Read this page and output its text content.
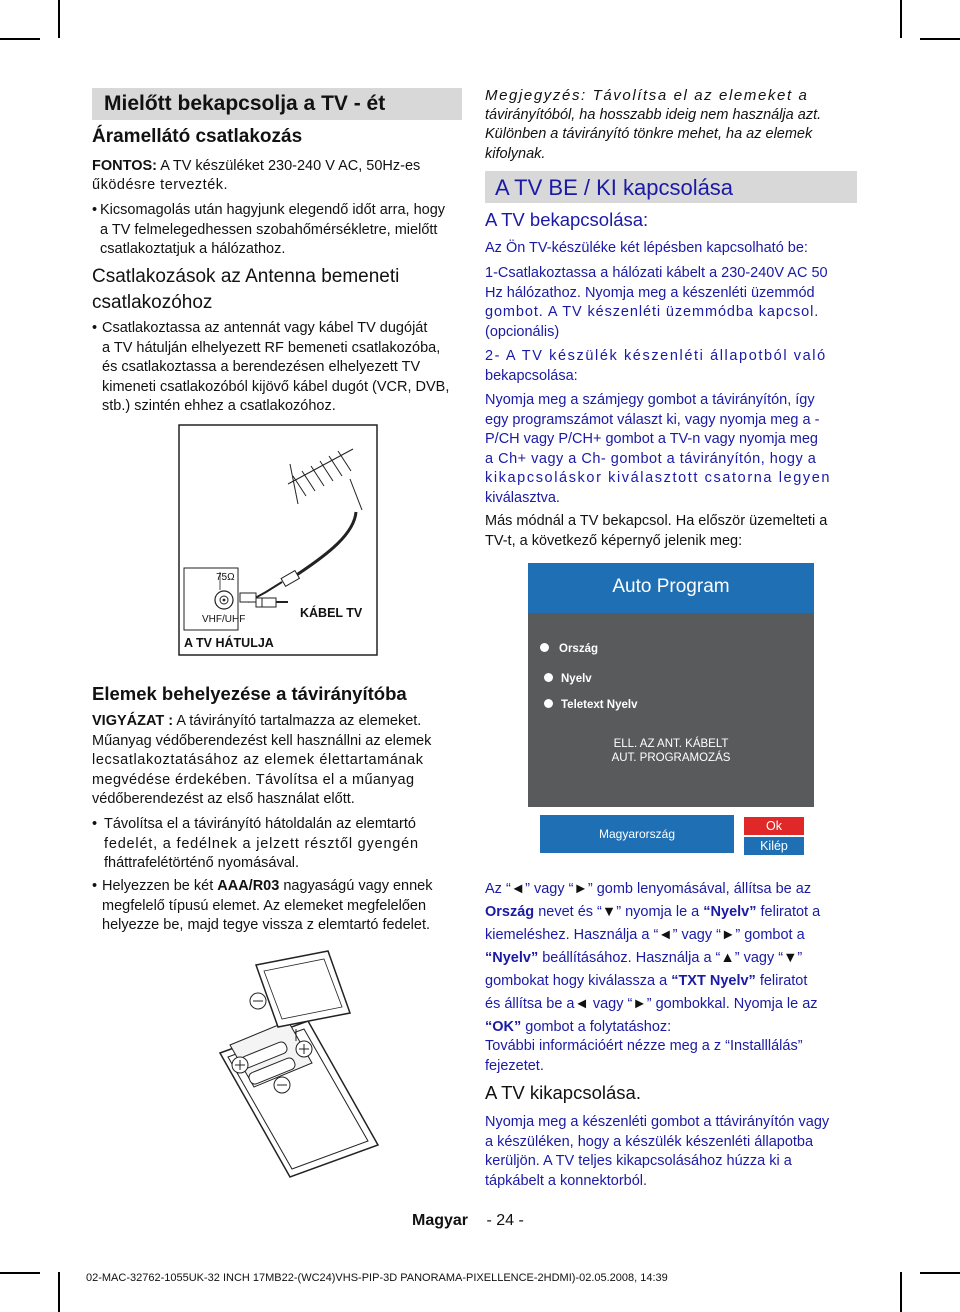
Mielőtt bekapcsolja a TV - ét
Áramellátó csatlakozás
FONTOS: A TV készüléket 230-240 V AC, 50Hz-es
űködésre tervezték.
• Kicsomagolás után hagyjunk elegendő időt arra, hogy
a TV felmelegedhessen szobahőmérsékletre, mielőtt
csatlakoztatjuk a hálózathoz.
Csatlakozások az Antenna bemeneti
csatlakozóhoz
• Csatlakoztassa az antennát vagy kábel TV dugóját
a TV hátulján elhelyezett RF bemeneti csatlakozóba,
és csatlakoztassa a berendezésen elhelyezett TV
kimeneti csatlakozóból kijövő kábel dugót (VCR, DVB,
stb.) szintén ehhez a csatlakozóhoz.
75Ω
VHF/UHF
A TV HÁTULJA
KÁBEL TV
Elemek behelyezése a távirányítóba
VIGYÁZAT : A távirányító tartalmazza az elemeket.
Műanyag védőberendezést kell használlni az elemek
lecsatlakoztatásához az elemek élettartamának
megvédése érdekében. Távolítsa el a műanyag
védőberendezést az első használat előtt.
• Távolítsa el a távirányító hátoldalán az elemtartó
fedelét, a fedélnek a jelzett résztől gyengén
fháttrafelétörténő nyomásával.
• Helyezzen be két AAA/R03 nagyaságú vagy ennek
megfelelő típusú elemet. Az elemeket megfelelően
helyezze be, majd tegye vissza z elemtartó fedelet.
Megjegyzés: Távolítsa el az elemeket a
távirányítóból, ha hosszabb ideig nem használja azt.
Különben a távirányító tönkre mehet, ha az elemek
kifolynak.
A TV BE / KI kapcsolása
A TV bekapcsolása:
Az Ön TV-készüléke két lépésben kapcsolható be:
1-Csatlakoztassa a hálózati kábelt a 230-240V AC 50
Hz hálózathoz. Nyomja meg a készenléti üzemmód
gombot. A TV készenléti üzemmódba kapcsol.
(opcionális)
2- A TV készülék készenléti állapotból való
bekapcsolása:
Nyomja meg a számjegy gombot a távirányítón, így
egy programszámot választ ki, vagy nyomja meg a -
P/CH vagy P/CH+ gombot a TV-n vagy nyomja meg
a Ch+ vagy a Ch- gombot a távirányítón, hogy a
kikapcsoláskor kiválasztott csatorna legyen
kiválasztva.
Más módnál a TV bekapcsol. Ha először üzemelteti a
TV-t, a következő képernyő jelenik meg:
Auto Program
Ország
Nyelv
Teletext Nyelv
ELL. AZ ANT. KÁBELT
AUT. PROGRAMOZÁS
Magyarország
Ok
Kilép
Az “◄” vagy “►” gomb lenyomásával, állítsa be az
Ország nevet és “▼” nyomja le a “Nyelv” feliratot a
kiemeléshez. Használja a “◄” vagy “►” gombot a
“Nyelv” beállításához. Használja a “▲” vagy “▼”
gombokat hogy kiválassza a “TXT Nyelv” feliratot
és állítsa be a◄ vagy “►” gombokkal. Nyomja le az
“OK” gombot a folytatáshoz:
További információért nézze meg a z “Installlálás”
fejezetet.
A TV kikapcsolása.
Nyomja meg a készenléti gombot a ttávirányítón vagy
a készüléken, hogy a készülék készenléti állapotba
kerüljön. A TV teljes kikapcsolásához húzza ki a
tápkábelt a konnektorból.
Magyar - 24 -
02-MAC-32762-1055UK-32 INCH 17MB22-(WC24)VHS-PIP-3D PANORAMA-PIXELLENCE-2HDMI)-02.05.2008, 14:39
